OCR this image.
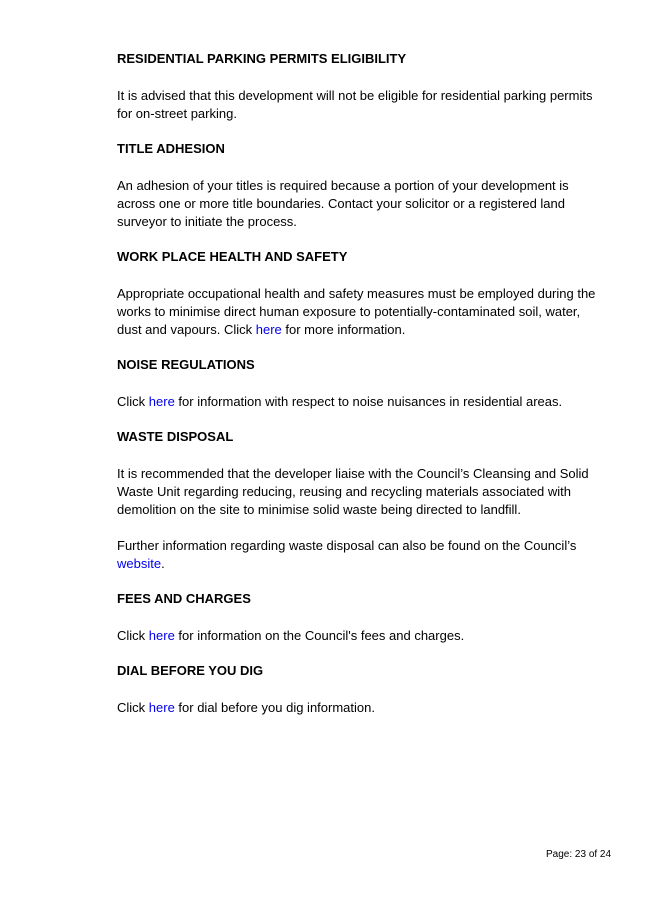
RESIDENTIAL PARKING PERMITS ELIGIBILITY
It is advised that this development will not be eligible for residential parking permits for on-street parking.
TITLE ADHESION
An adhesion of your titles is required because a portion of your development is across one or more title boundaries. Contact your solicitor or a registered land surveyor to initiate the process.
WORK PLACE HEALTH AND SAFETY
Appropriate occupational health and safety measures must be employed during the works to minimise direct human exposure to potentially-contaminated soil, water, dust and vapours. Click here for more information.
NOISE REGULATIONS
Click here for information with respect to noise nuisances in residential areas.
WASTE DISPOSAL
It is recommended that the developer liaise with the Council’s Cleansing and Solid Waste Unit regarding reducing, reusing and recycling materials associated with demolition on the site to minimise solid waste being directed to landfill.
Further information regarding waste disposal can also be found on the Council’s website.
FEES AND CHARGES
Click here for information on the Council's fees and charges.
DIAL BEFORE YOU DIG
Click here for dial before you dig information.
Page: 23 of 24
